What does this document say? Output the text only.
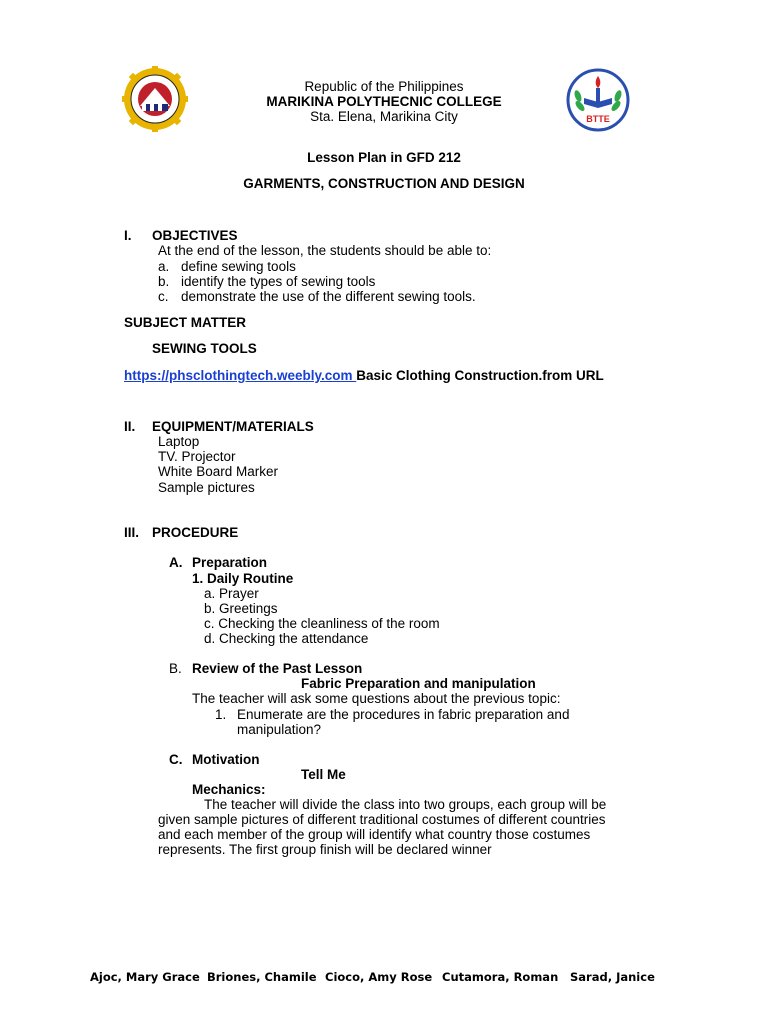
BTTE
Republic of the Philippines
MARIKINA POLYTHECNIC COLLEGE
Sta. Elena, Marikina City
Lesson Plan in GFD 212
GARMENTS, CONSTRUCTION AND DESIGN
I. OBJECTIVES
At the end of the lesson, the students should be able to:
a. define sewing tools
b. identify the types of sewing tools
c. demonstrate the use of the different sewing tools.
SUBJECT MATTER
SEWING TOOLS
https://phsclothingtech.weebly.com Basic Clothing Construction.from URL
II. EQUIPMENT/MATERIALS
Laptop
TV. Projector
White Board Marker
Sample pictures
III. PROCEDURE
A. Preparation
1. Daily Routine
a. Prayer
b. Greetings
c. Checking the cleanliness of the room
d. Checking the attendance
B. Review of the Past Lesson
Fabric Preparation and manipulation
The teacher will ask some questions about the previous topic:
1. Enumerate are the procedures in fabric preparation and
manipulation?
C. Motivation
Tell Me
Mechanics:
The teacher will divide the class into two groups, each group will be
given sample pictures of different traditional costumes of different countries
and each member of the group will identify what country those costumes
represents. The first group finish will be declared winner
Ajoc, Mary Grace Briones, Chamile Cioco, Amy Rose Cutamora, Roman Sarad, Janice
